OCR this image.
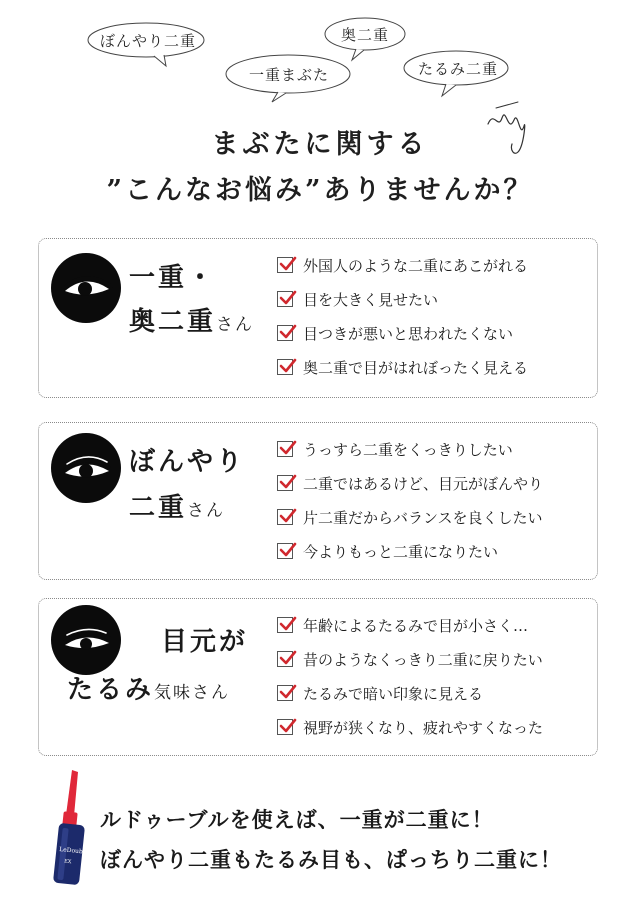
ぼんやり二重
一重まぶた
奥二重
たるみ二重
まぶたに関する
”こんなお悩み”ありませんか？
一重・
奥二重さん
外国人のような二重にあこがれる
目を大きく見せたい
目つきが悪いと思われたくない
奥二重で目がはれぼったく見える
ぼんやり
二重さん
うっすら二重をくっきりしたい
二重ではあるけど、目元がぼんやり
片二重だからバランスを良くしたい
今よりもっと二重になりたい
目元が
たるみ気味さん
年齢によるたるみで目が小さく…
昔のようなくっきり二重に戻りたい
たるみで暗い印象に見える
視野が狭くなり、疲れやすくなった
LeDouble
EX
ルドゥーブルを使えば、一重が二重に！
ぼんやり二重もたるみ目も、ぱっちり二重に！
